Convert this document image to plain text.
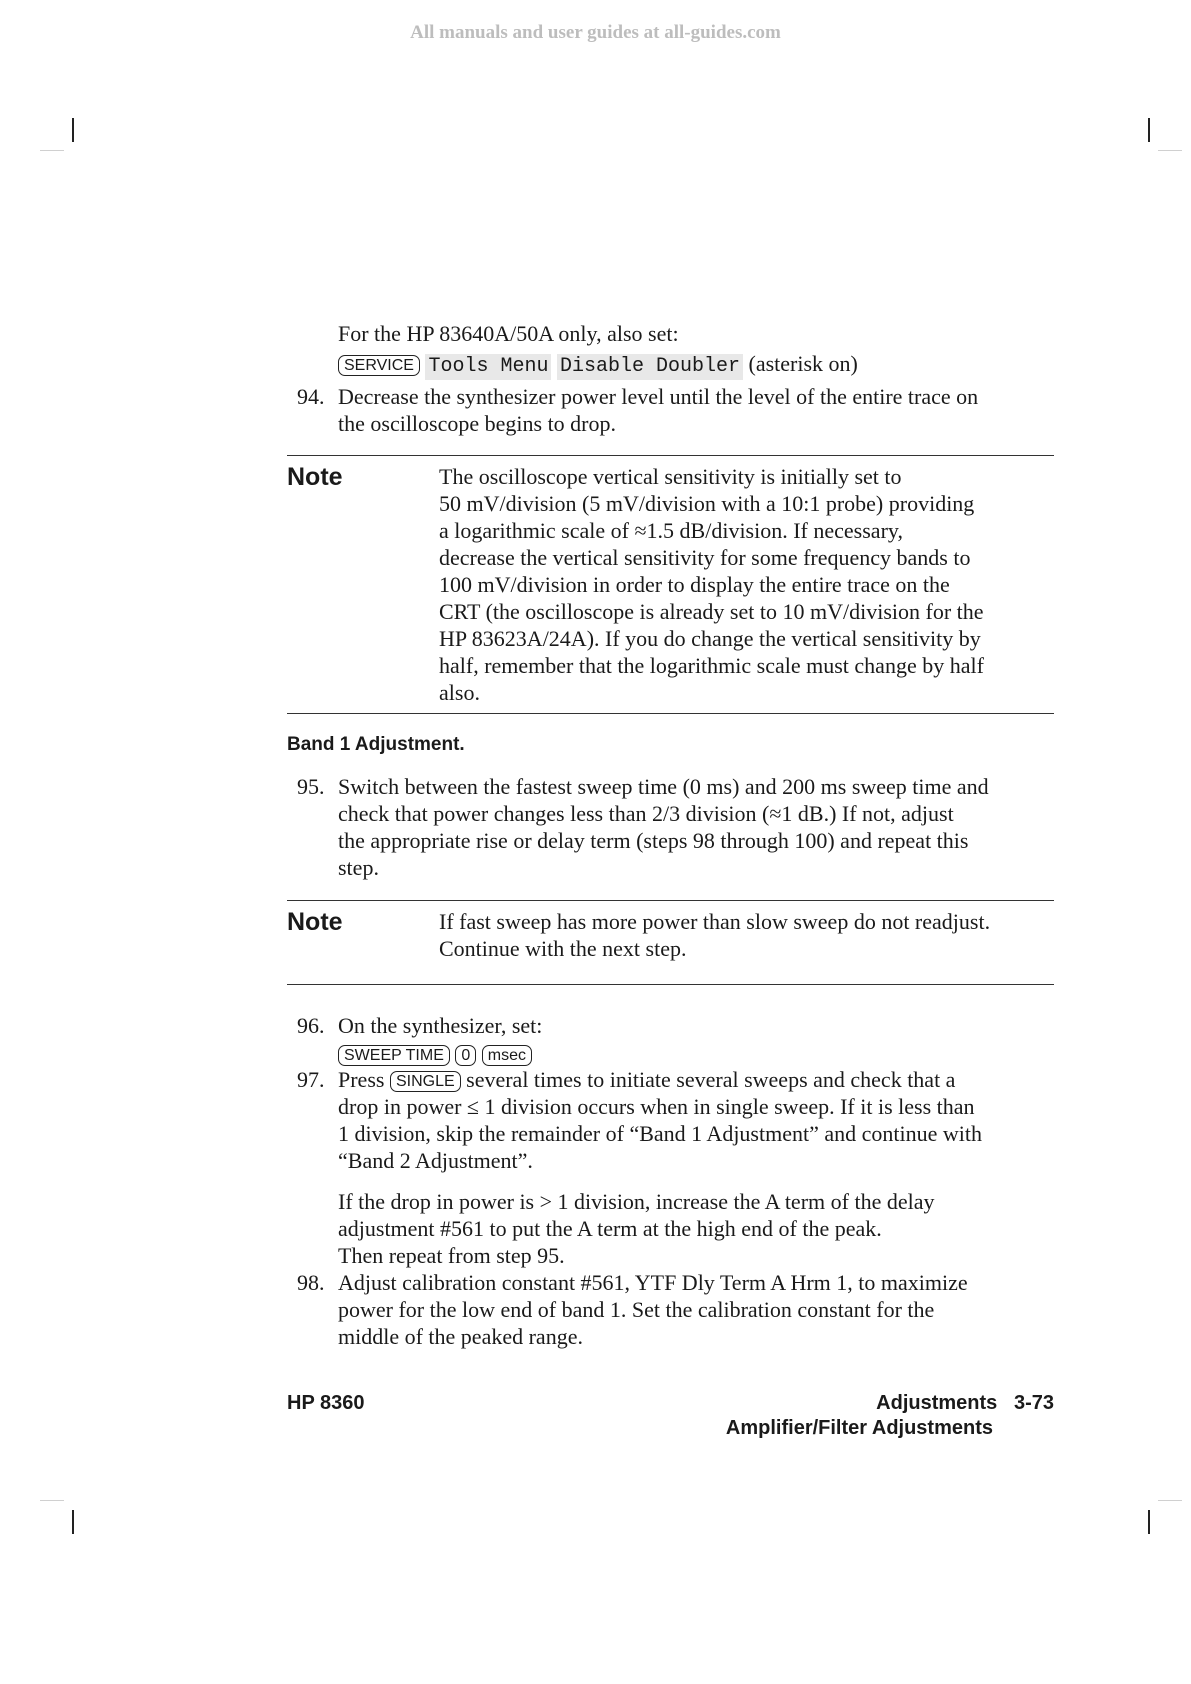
All manuals and user guides at all-guides.com
For the HP 83640A/50A only, also set:
SERVICE Tools Menu Disable Doubler (asterisk on)
94. Decrease the synthesizer power level until the level of the entire trace on
the oscilloscope begins to drop.
Note	The oscilloscope vertical sensitivity is initially set to
50 mV/division (5 mV/division with a 10:1 probe) providing
a logarithmic scale of ≈1.5 dB/division. If necessary,
decrease the vertical sensitivity for some frequency bands to
100 mV/division in order to display the entire trace on the
CRT (the oscilloscope is already set to 10 mV/division for the
HP 83623A/24A). If you do change the vertical sensitivity by
half, remember that the logarithmic scale must change by half
also.
Band 1 Adjustment.
95. Switch between the fastest sweep time (0 ms) and 200 ms sweep time and
check that power changes less than 2/3 division (≈1 dB.) If not, adjust
the appropriate rise or delay term (steps 98 through 100) and repeat this
step.
Note	If fast sweep has more power than slow sweep do not readjust.
Continue with the next step.
96. On the synthesizer, set:
SWEEP TIME 0 msec
97. Press SINGLE several times to initiate several sweeps and check that a
drop in power ≤ 1 division occurs when in single sweep. If it is less than
1 division, skip the remainder of “Band 1 Adjustment” and continue with
“Band 2 Adjustment”.
If the drop in power is > 1 division, increase the A term of the delay
adjustment #561 to put the A term at the high end of the peak.
Then repeat from step 95.
98. Adjust calibration constant #561, YTF Dly Term A Hrm 1, to maximize
power for the low end of band 1. Set the calibration constant for the
middle of the peaked range.
HP 8360	Adjustments 3-73
Amplifier/Filter Adjustments
